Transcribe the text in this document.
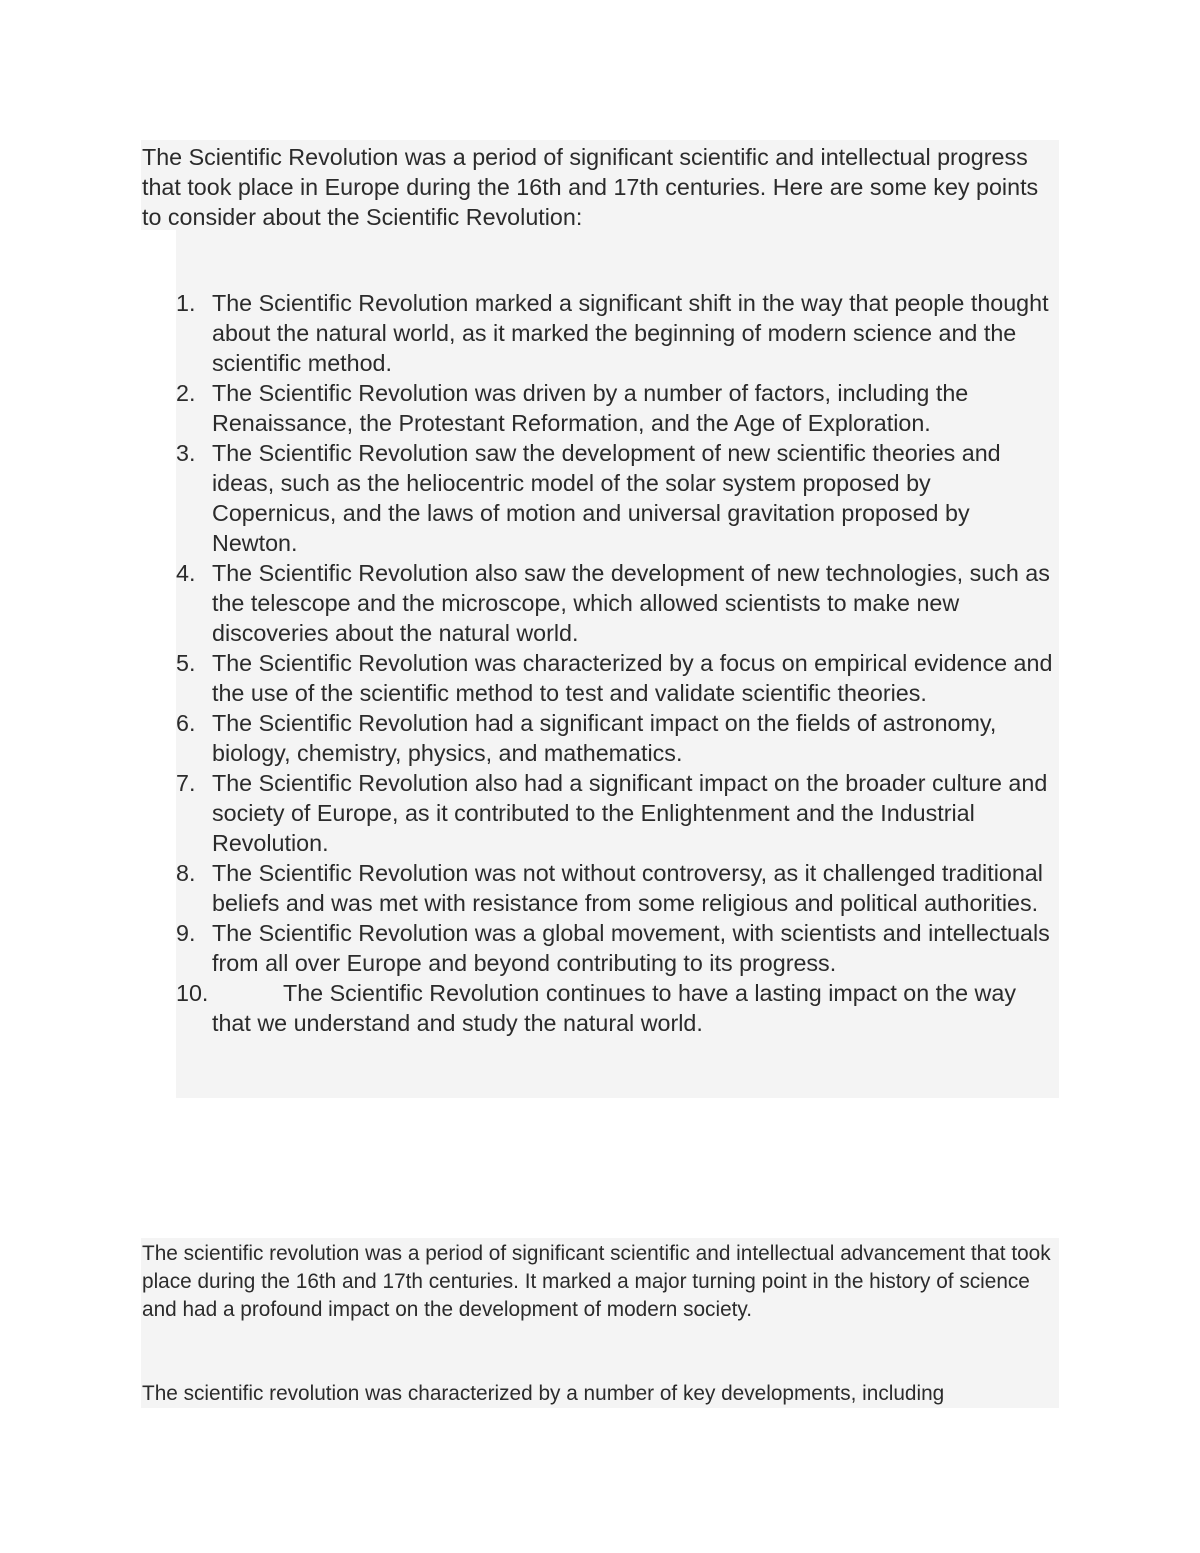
The Scientific Revolution was a period of significant scientific and intellectual progress that took place in Europe during the 16th and 17th centuries. Here are some key points to consider about the Scientific Revolution:

1. The Scientific Revolution marked a significant shift in the way that people thought about the natural world, as it marked the beginning of modern science and the scientific method.
2. The Scientific Revolution was driven by a number of factors, including the Renaissance, the Protestant Reformation, and the Age of Exploration.
3. The Scientific Revolution saw the development of new scientific theories and ideas, such as the heliocentric model of the solar system proposed by Copernicus, and the laws of motion and universal gravitation proposed by Newton.
4. The Scientific Revolution also saw the development of new technologies, such as the telescope and the microscope, which allowed scientists to make new discoveries about the natural world.
5. The Scientific Revolution was characterized by a focus on empirical evidence and the use of the scientific method to test and validate scientific theories.
6. The Scientific Revolution had a significant impact on the fields of astronomy, biology, chemistry, physics, and mathematics.
7. The Scientific Revolution also had a significant impact on the broader culture and society of Europe, as it contributed to the Enlightenment and the Industrial Revolution.
8. The Scientific Revolution was not without controversy, as it challenged traditional beliefs and was met with resistance from some religious and political authorities.
9. The Scientific Revolution was a global movement, with scientists and intellectuals from all over Europe and beyond contributing to its progress.
10.	The Scientific Revolution continues to have a lasting impact on the way that we understand and study the natural world.

The scientific revolution was a period of significant scientific and intellectual advancement that took place during the 16th and 17th centuries. It marked a major turning point in the history of science and had a profound impact on the development of modern society.

The scientific revolution was characterized by a number of key developments, including
